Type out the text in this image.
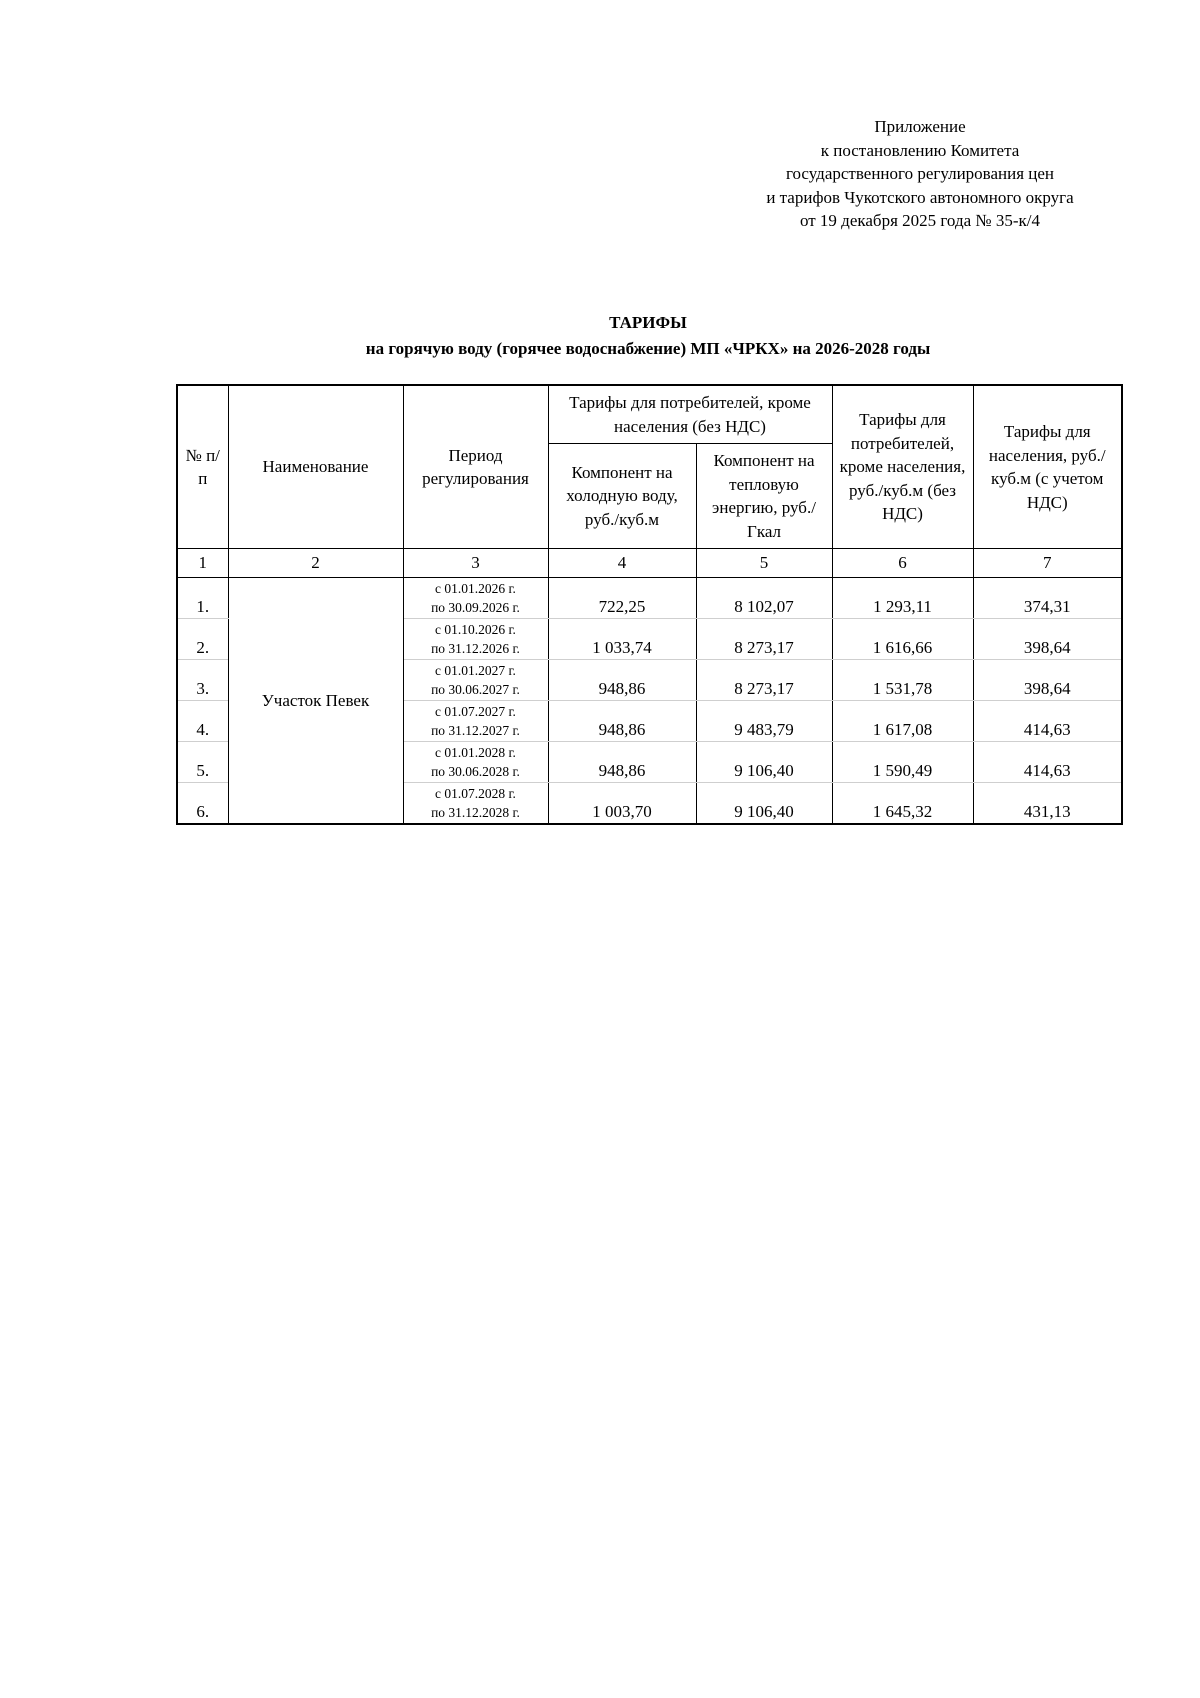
Приложение
к постановлению Комитета
государственного регулирования цен
и тарифов Чукотского автономного округа
от 19 декабря 2025 года № 35-к/4
ТАРИФЫ
на горячую воду (горячее водоснабжение) МП «ЧРКХ» на 2026-2028 годы
№ п/п	Наименование	Период регулирования	Тарифы для потребителей, кроме населения (без НДС)		Тарифы для потребителей, кроме населения, руб./куб.м (без НДС)	Тарифы для населения, руб./куб.м (с учетом НДС)
			Компонент на холодную воду, руб./куб.м	Компонент на тепловую энергию, руб./Гкал		
1	2	3	4	5	6	7
1.	Участок Певек	с 01.01.2026 г.
по 30.09.2026 г.	722,25	8 102,07	1 293,11	374,31
2.		с 01.10.2026 г.
по 31.12.2026 г.	1 033,74	8 273,17	1 616,66	398,64
3.		с 01.01.2027 г.
по 30.06.2027 г.	948,86	8 273,17	1 531,78	398,64
4.		с 01.07.2027 г.
по 31.12.2027 г.	948,86	9 483,79	1 617,08	414,63
5.		с 01.01.2028 г.
по 30.06.2028 г.	948,86	9 106,40	1 590,49	414,63
6.		с 01.07.2028 г.
по 31.12.2028 г.	1 003,70	9 106,40	1 645,32	431,13
